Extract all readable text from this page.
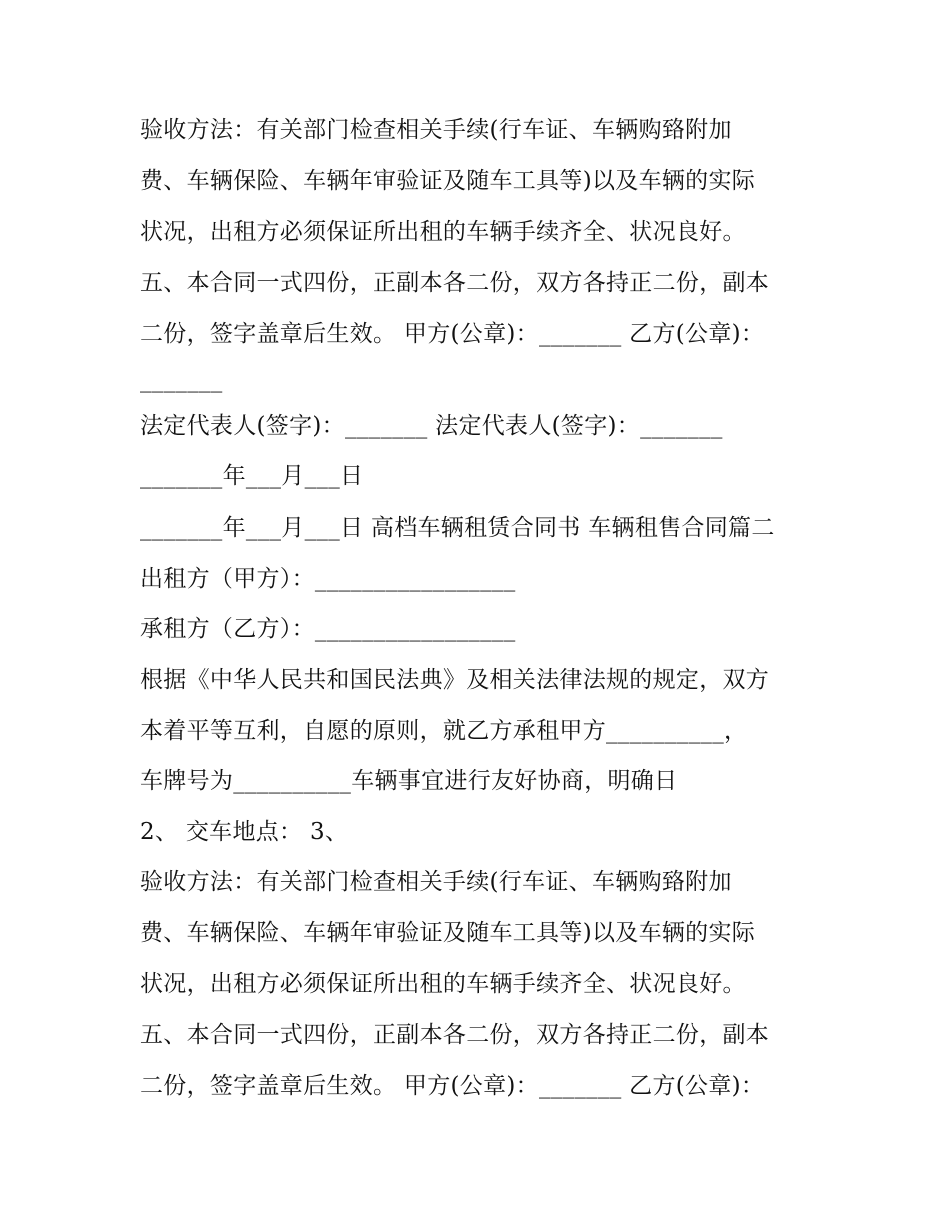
验收方法：有关部门检查相关手续(行车证、车辆购臵附加
费、车辆保险、车辆年审验证及随车工具等)以及车辆的实际
状况，出租方必须保证所出租的车辆手续齐全、状况良好。
五、本合同一式四份，正副本各二份，双方各持正二份，副本
二份，签字盖章后生效。 甲方(公章)：_______ 乙方(公章)：
_______
法定代表人(签字)：_______ 法定代表人(签字)：_______
_______年___月___日
_______年___月___日 高档车辆租赁合同书 车辆租售合同篇二
出租方（甲方）：_________________
承租方（乙方）：_________________
根据《中华人民共和国民法典》及相关法律法规的规定，双方
本着平等互利，自愿的原则，就乙方承租甲方__________，
车牌号为__________车辆事宜进行友好协商，明确日
2、 交车地点： 3、
验收方法：有关部门检查相关手续(行车证、车辆购臵附加
费、车辆保险、车辆年审验证及随车工具等)以及车辆的实际
状况，出租方必须保证所出租的车辆手续齐全、状况良好。
五、本合同一式四份，正副本各二份，双方各持正二份，副本
二份，签字盖章后生效。 甲方(公章)：_______ 乙方(公章)：
